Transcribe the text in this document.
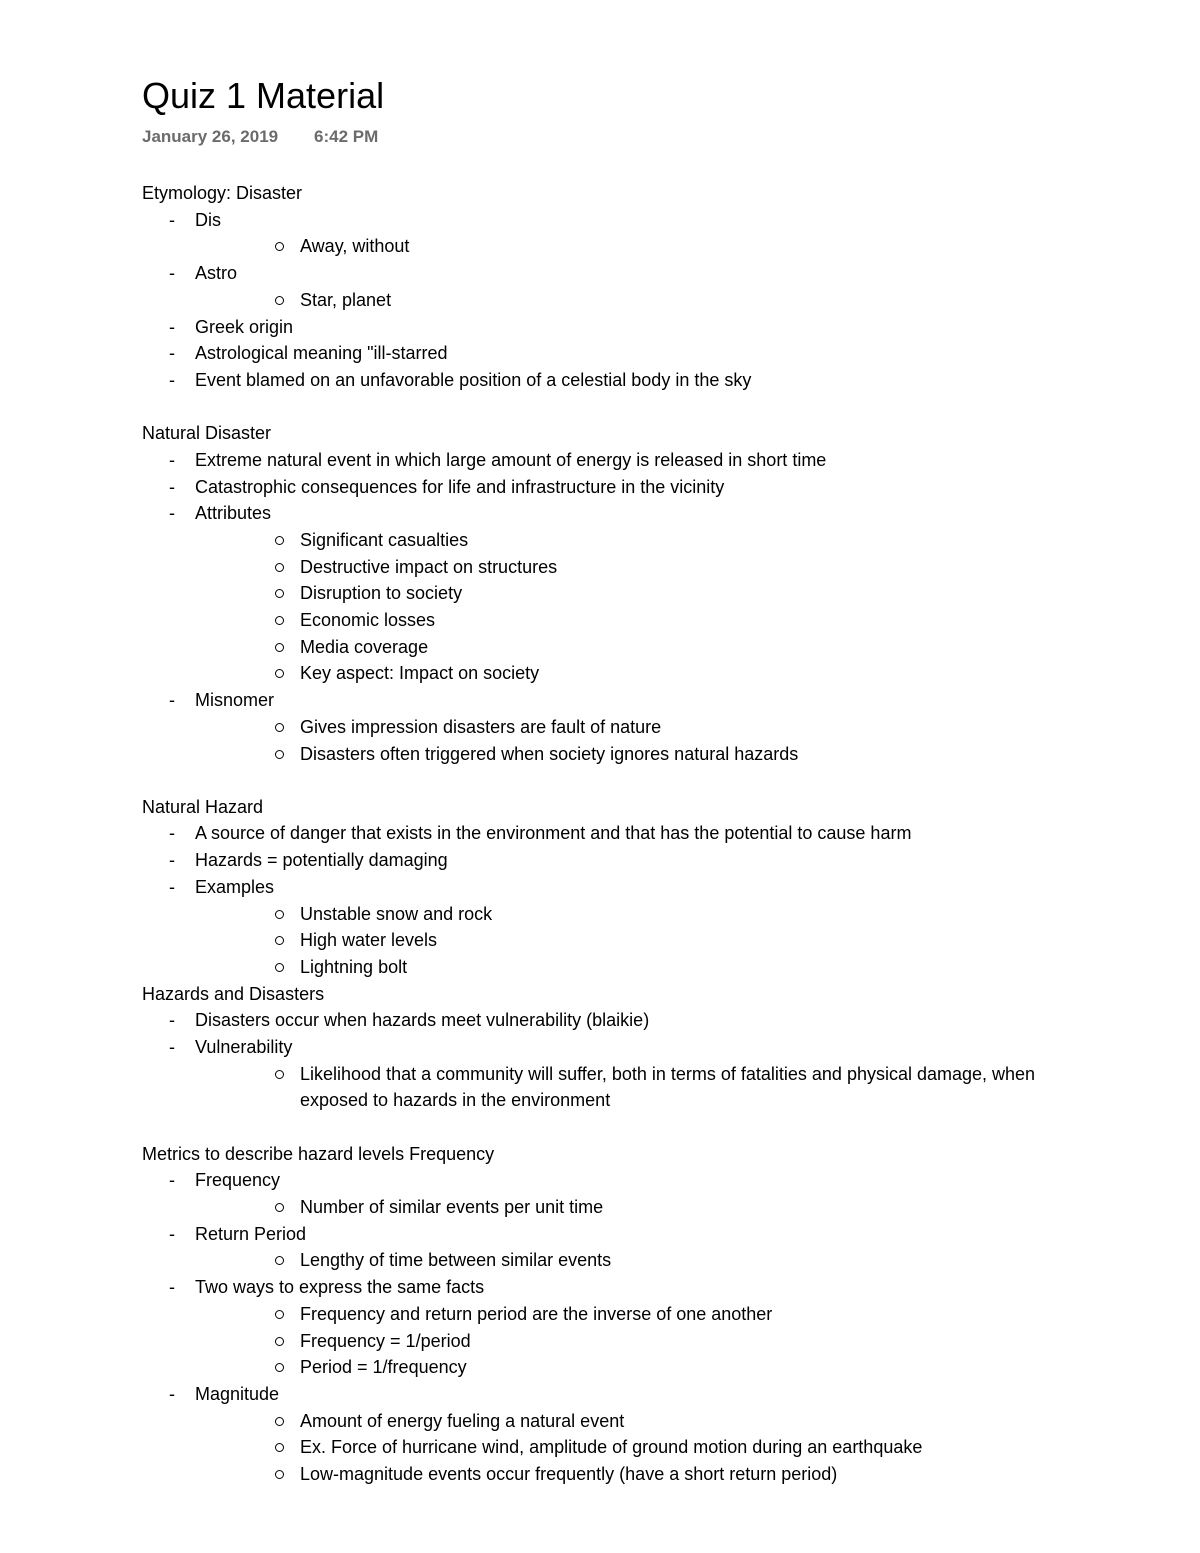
Quiz 1 Material
January 26, 2019 6:42 PM
Etymology: Disaster
- Dis
Away, without
- Astro
Star, planet
- Greek origin
- Astrological meaning "ill-starred
- Event blamed on an unfavorable position of a celestial body in the sky
Natural Disaster
- Extreme natural event in which large amount of energy is released in short time
- Catastrophic consequences for life and infrastructure in the vicinity
- Attributes
Significant casualties
Destructive impact on structures
Disruption to society
Economic losses
Media coverage
Key aspect: Impact on society
- Misnomer
Gives impression disasters are fault of nature
Disasters often triggered when society ignores natural hazards
Natural Hazard
- A source of danger that exists in the environment and that has the potential to cause harm
- Hazards = potentially damaging
- Examples
Unstable snow and rock
High water levels
Lightning bolt
Hazards and Disasters
- Disasters occur when hazards meet vulnerability (blaikie)
- Vulnerability
Likelihood that a community will suffer, both in terms of fatalities and physical damage, when exposed to hazards in the environment
Metrics to describe hazard levels Frequency
- Frequency
Number of similar events per unit time
- Return Period
Lengthy of time between similar events
- Two ways to express the same facts
Frequency and return period are the inverse of one another
Frequency = 1/period
Period = 1/frequency
- Magnitude
Amount of energy fueling a natural event
Ex. Force of hurricane wind, amplitude of ground motion during an earthquake
Low-magnitude events occur frequently (have a short return period)
